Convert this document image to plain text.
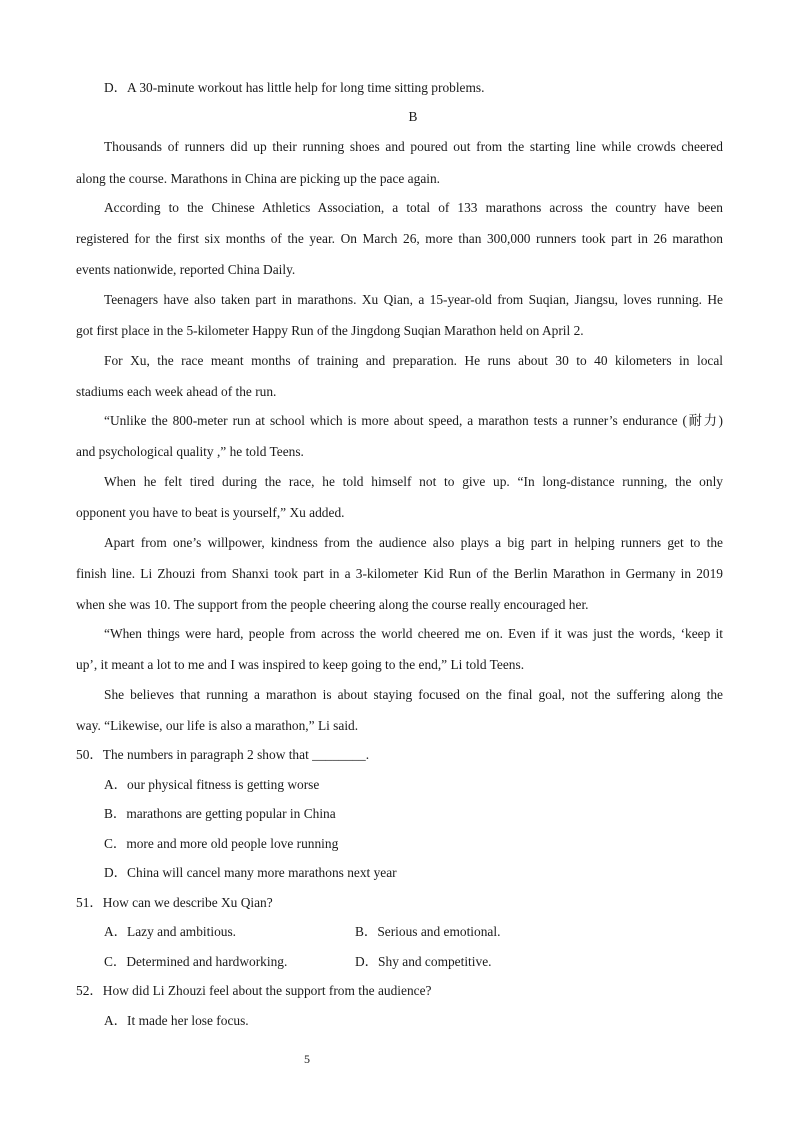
D．A 30-minute workout has little help for long time sitting problems.
B
Thousands of runners did up their running shoes and poured out from the starting line while crowds cheered
along the course. Marathons in China are picking up the pace again.
According to the Chinese Athletics Association, a total of 133 marathons across the country have been
registered for the first six months of the year. On March 26, more than 300,000 runners took part in 26 marathon
events nationwide, reported China Daily.
Teenagers have also taken part in marathons. Xu Qian, a 15-year-old from Suqian, Jiangsu, loves running. He
got first place in the 5-kilometer Happy Run of the Jingdong Suqian Marathon held on April 2.
For Xu, the race meant months of training and preparation. He runs about 30 to 40 kilometers in local
stadiums each week ahead of the run.
“Unlike the 800-meter run at school which is more about speed, a marathon tests a runner’s endurance (耐力)
and psychological quality ,” he told Teens.
When he felt tired during the race, he told himself not to give up. “In long-distance running, the only
opponent you have to beat is yourself,” Xu added.
Apart from one’s willpower, kindness from the audience also plays a big part in helping runners get to the
finish line. Li Zhouzi from Shanxi took part in a 3-kilometer Kid Run of the Berlin Marathon in Germany in 2019
when she was 10. The support from the people cheering along the course really encouraged her.
“When things were hard, people from across the world cheered me on. Even if it was just the words, ‘keep it
up’, it meant a lot to me and I was inspired to keep going to the end,” Li told Teens.
She believes that running a marathon is about staying focused on the final goal, not the suffering along the
way. “Likewise, our life is also a marathon,” Li said.
50．The numbers in paragraph 2 show that ________.
A．our physical fitness is getting worse
B．marathons are getting popular in China
C．more and more old people love running
D．China will cancel many more marathons next year
51．How can we describe Xu Qian?
A．Lazy and ambitious.	B．Serious and emotional.
C．Determined and hardworking.	D．Shy and competitive.
52．How did Li Zhouzi feel about the support from the audience?
A．It made her lose focus.
5
